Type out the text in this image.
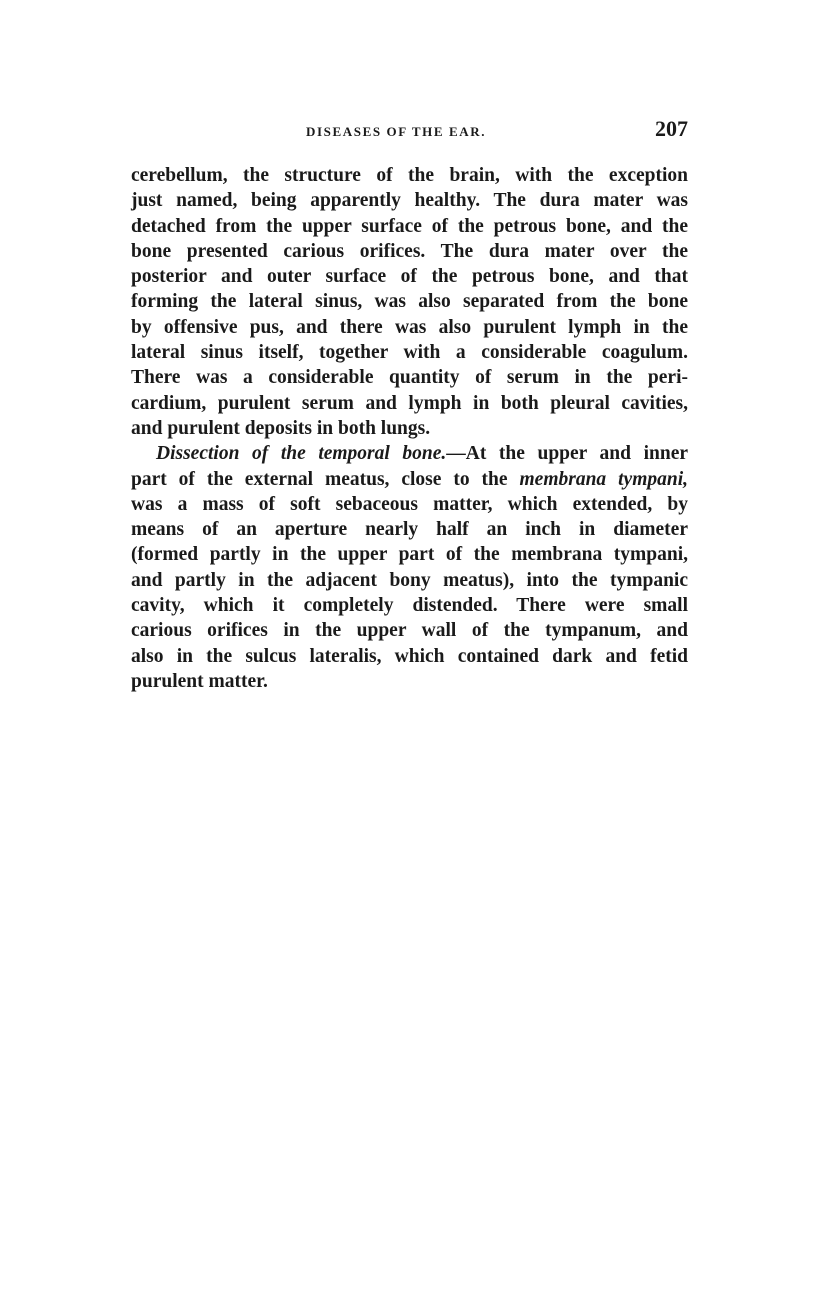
DISEASES OF THE EAR.	207

cerebellum, the structure of the brain, with the exception
just named, being apparently healthy. The dura mater was
detached from the upper surface of the petrous bone, and the
bone presented carious orifices. The dura mater over the
posterior and outer surface of the petrous bone, and that
forming the lateral sinus, was also separated from the bone
by offensive pus, and there was also purulent lymph in the
lateral sinus itself, together with a considerable coagulum.
There was a considerable quantity of serum in the peri-
cardium, purulent serum and lymph in both pleural cavities,
and purulent deposits in both lungs.

Dissection of the temporal bone.—At the upper and inner
part of the external meatus, close to the membrana tympani,
was a mass of soft sebaceous matter, which extended, by
means of an aperture nearly half an inch in diameter
(formed partly in the upper part of the membrana tympani,
and partly in the adjacent bony meatus), into the tympanic
cavity, which it completely distended. There were small
carious orifices in the upper wall of the tympanum, and
also in the sulcus lateralis, which contained dark and fetid
purulent matter.
